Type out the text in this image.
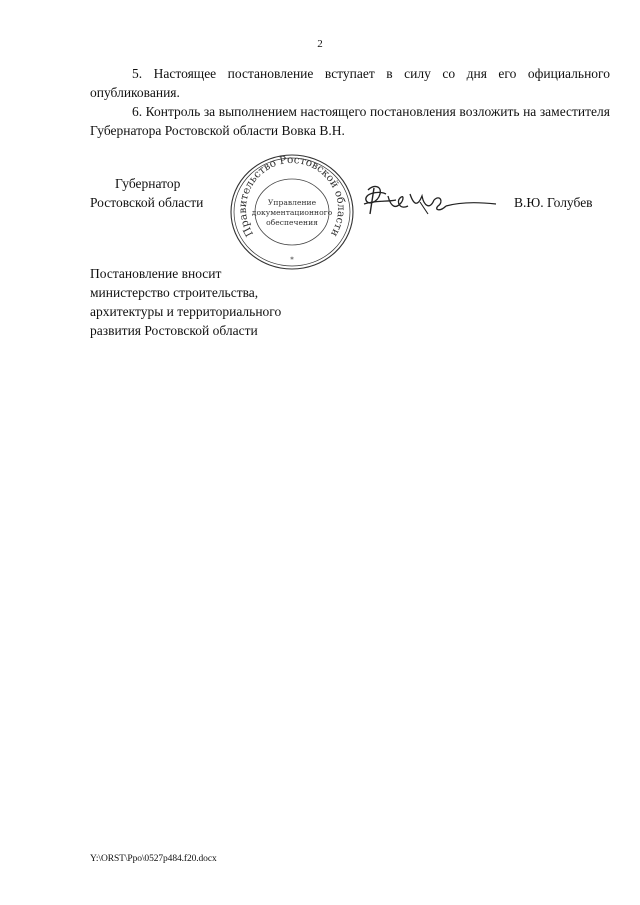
2

5. Настоящее постановление вступает в силу со дня его официального опубликования.

6. Контроль за выполнением настоящего постановления возложить на заместителя Губернатора Ростовской области Вовка В.Н.

Губернатор
Ростовской области
Правительство Ростовской области
Управление
документационного
обеспечения
*
В.Ю. Голубев
Постановление вносит
министерство строительства,
архитектуры и территориального
развития Ростовской области
Y:\ORST\Ppo\0527p484.f20.docx
